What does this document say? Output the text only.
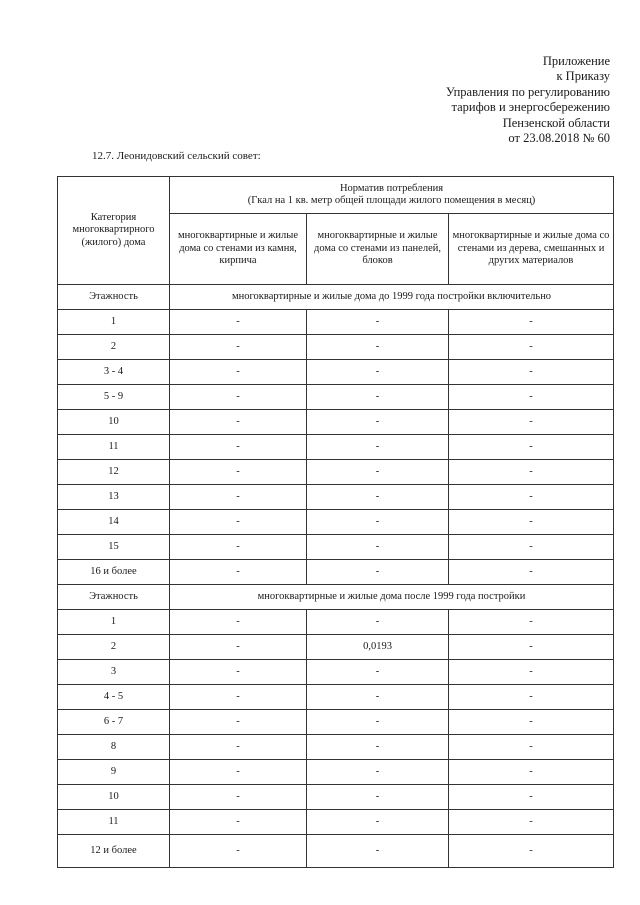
Приложение
к Приказу
Управления по регулированию
тарифов и энергосбережению
Пензенской области
от 23.08.2018 № 60
12.7. Леонидовский сельский совет:
Категория многоквартирного (жилого) дома	Норматив потребления
(Гкал на 1 кв. метр общей площади жилого помещения в месяц)		
	многоквартирные и жилые дома со стенами из камня, кирпича	многоквартирные и жилые дома со стенами из панелей, блоков	многоквартирные и жилые дома со стенами из дерева, смешанных и других материалов
Этажность	многоквартирные и жилые дома до 1999 года постройки включительно		
1	-	-	-
2	-	-	-
3 - 4	-	-	-
5 - 9	-	-	-
10	-	-	-
11	-	-	-
12	-	-	-
13	-	-	-
14	-	-	-
15	-	-	-
16 и более	-	-	-
Этажность	многоквартирные и жилые дома после 1999 года постройки		
1	-	-	-
2	-	0,0193	-
3	-	-	-
4 - 5	-	-	-
6 - 7	-	-	-
8	-	-	-
9	-	-	-
10	-	-	-
11	-	-	-
12 и более	-	-	-
